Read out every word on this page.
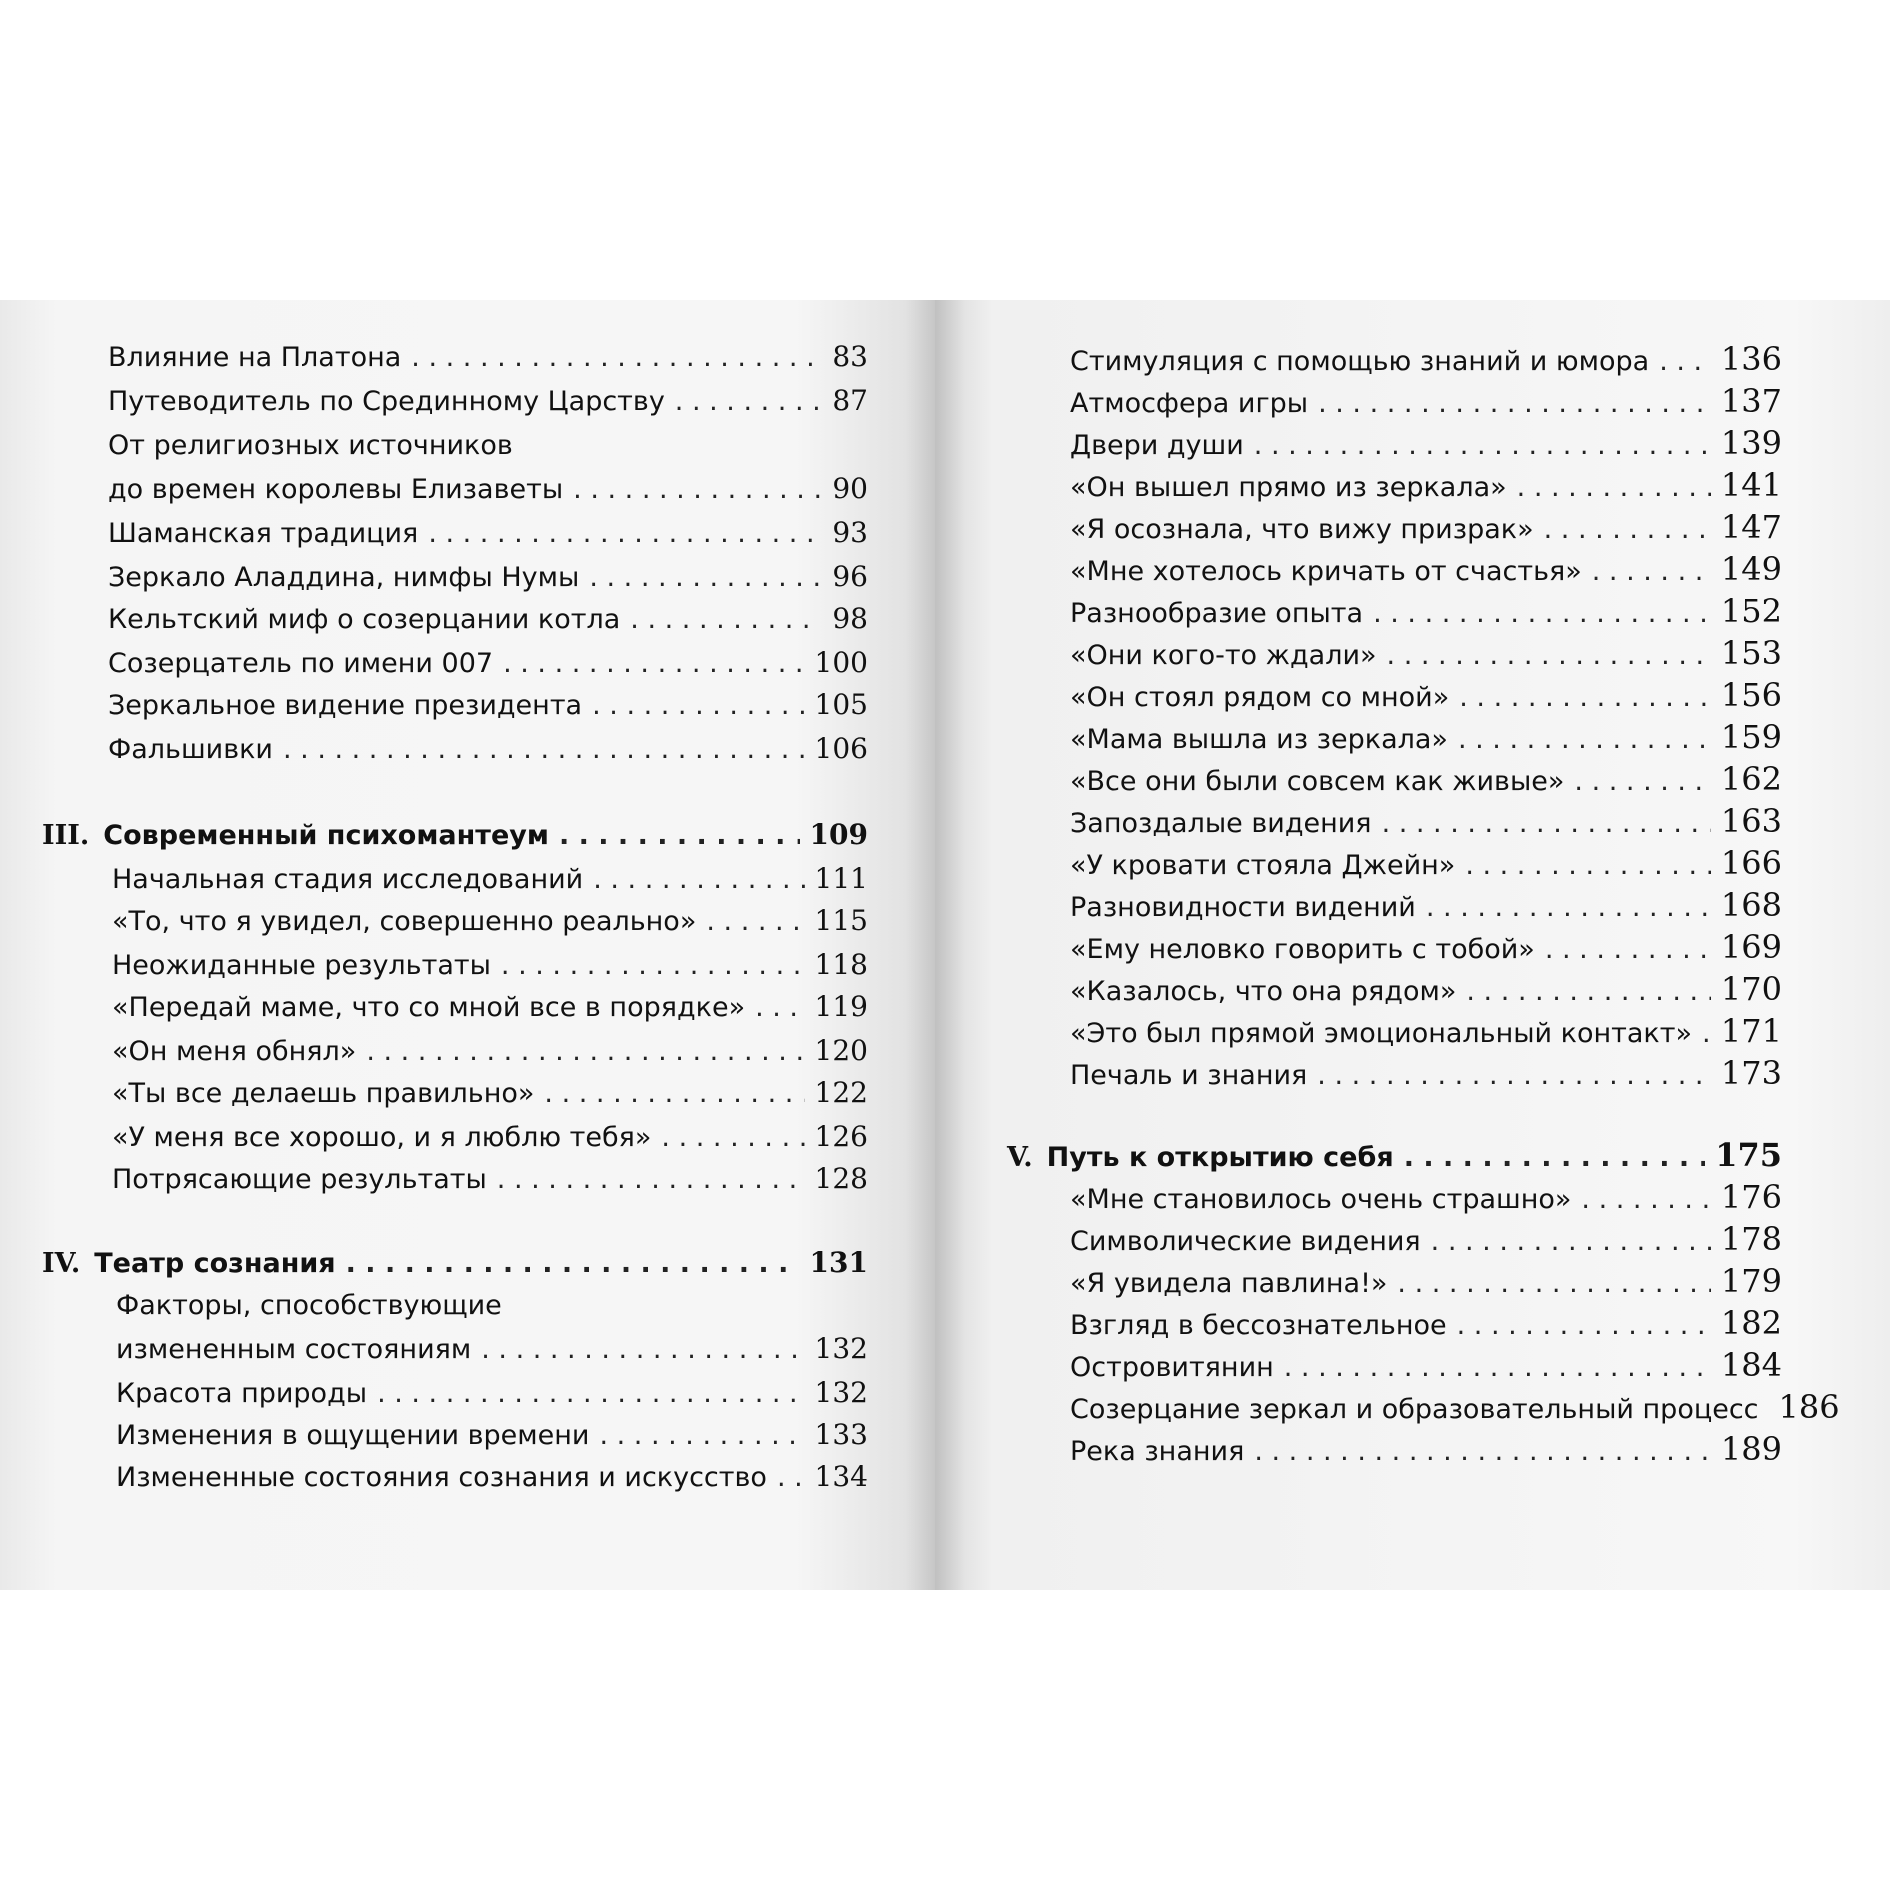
Влияние на Платона . . .	83
Путеводитель по Срединному Царству . . .	87
От религиозных источников
до времен королевы Елизаветы . . .	90
Шаманская традиция . . .	93
Зеркало Аладдина, нимфы Нумы . . .	96
Кельтский миф о созерцании котла . . .	98
Созерцатель по имени 007 . . .	100
Зеркальное видение президента . . .	105
Фальшивки . . .	106
III. Современный психомантеум . . .	109
Начальная стадия исследований . . .	111
«То, что я увидел, совершенно реально» . . .	115
Неожиданные результаты . . .	118
«Передай маме, что со мной все в порядке» . . . 119
«Он меня обнял» . . .	120
«Ты все делаешь правильно» . . .	122
«У меня все хорошо, и я люблю тебя» . . .	126
Потрясающие результаты . . .	128
IV. Театр сознания . . .	131
Факторы, способствующие
измененным состояниям . . .	132
Красота природы . . .	132
Изменения в ощущении времени . . .	133
Измененные состояния сознания и искусство . . . 134
Стимуляция с помощью знаний и юмора . . . 136
Атмосфера игры . . .	137
Двери души . . .	139
«Он вышел прямо из зеркала» . . .	141
«Я осознала, что вижу призрак» . . .	147
«Мне хотелось кричать от счастья» . . .	149
Разнообразие опыта . . .	152
«Они кого-то ждали» . . .	153
«Он стоял рядом со мной» . . .	156
«Мама вышла из зеркала» . . .	159
«Все они были совсем как живые» . . .	162
Запоздалые видения . . .	163
«У кровати стояла Джейн» . . .	166
Разновидности видений . . .	168
«Ему неловко говорить с тобой» . . .	169
«Казалось, что она рядом» . . .	170
«Это был прямой эмоциональный контакт» . . . 171
Печаль и знания . . .	173
V. Путь к открытию себя . . .	175
«Мне становилось очень страшно» . . .	176
Символические видения . . .	178
«Я увидела павлина!» . . .	179
Взгляд в бессознательное . . .	182
Островитянин . . .	184
Созерцание зеркал и образовательный процесс 186
Река знания . . .	189
